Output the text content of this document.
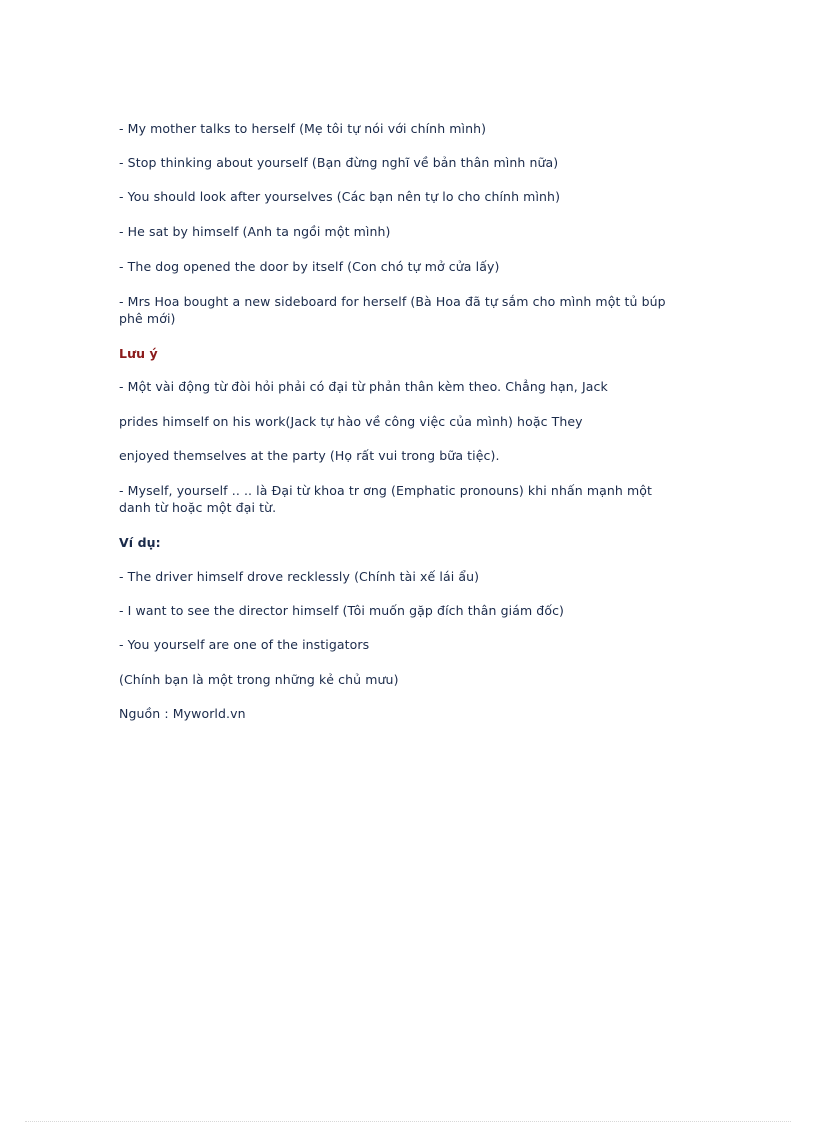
- My mother talks to herself (Mẹ tôi tự nói với chính mình)
- Stop thinking about yourself (Bạn đừng nghĩ về bản thân mình nữa)
- You should look after yourselves (Các bạn nên tự lo cho chính mình)
- He sat by himself (Anh ta ngồi một mình)
- The dog opened the door by itself (Con chó tự mở cửa lấy)
- Mrs Hoa bought a new sideboard for herself (Bà Hoa đã tự sắm cho mình một tủ búp phê mới)
Lưu ý
- Một vài động từ đòi hỏi phải có đại từ phản thân kèm theo. Chẳng hạn, Jack
prides himself on his work(Jack tự hào về công việc của mình) hoặc They
enjoyed themselves at the party (Họ rất vui trong bữa tiệc).
- Myself, yourself .. .. là Đại từ khoa tr ơng (Emphatic pronouns) khi nhấn mạnh một danh từ hoặc một đại từ.
Ví dụ:
- The driver himself drove recklessly (Chính tài xế lái ẩu)
- I want to see the director himself (Tôi muốn gặp đích thân giám đốc)
- You yourself are one of the instigators
(Chính bạn là một trong những kẻ chủ mưu)
Nguồn : Myworld.vn
